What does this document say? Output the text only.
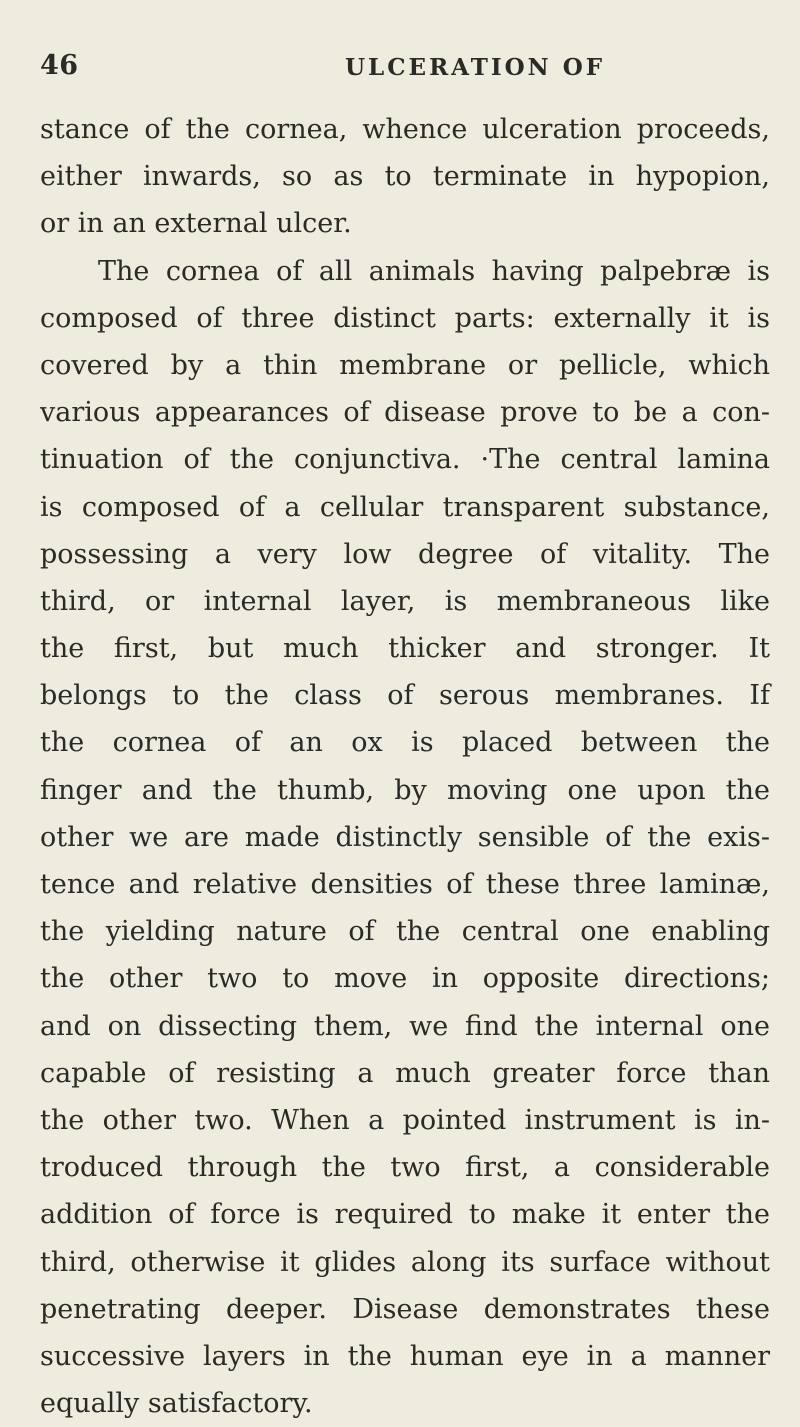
46	ULCERATION OF
stance of the cornea, whence ulceration proceeds,
either inwards, so as to terminate in hypopion,
or in an external ulcer.
The cornea of all animals having palpebræ is
composed of three distinct parts: externally it is
covered by a thin membrane or pellicle, which
various appearances of disease prove to be a con-
tinuation of the conjunctiva. ·The central lamina
is composed of a cellular transparent substance,
possessing a very low degree of vitality. The
third, or internal layer, is membraneous like
the first, but much thicker and stronger. It
belongs to the class of serous membranes. If
the cornea of an ox is placed between the
finger and the thumb, by moving one upon the
other we are made distinctly sensible of the exis-
tence and relative densities of these three laminæ,
the yielding nature of the central one enabling
the other two to move in opposite directions;
and on dissecting them, we find the internal one
capable of resisting a much greater force than
the other two. When a pointed instrument is in-
troduced through the two first, a considerable
addition of force is required to make it enter the
third, otherwise it glides along its surface without
penetrating deeper. Disease demonstrates these
successive layers in the human eye in a manner
equally satisfactory.
